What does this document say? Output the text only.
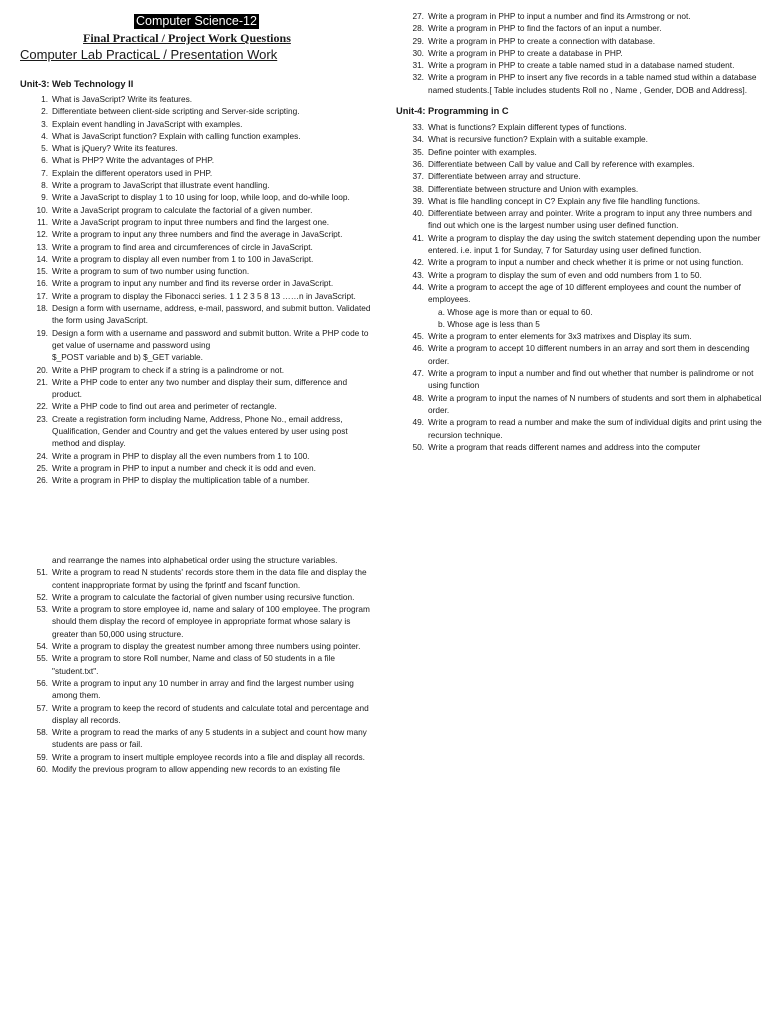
Computer Science-12
Final Practical / Project Work Questions
Computer Lab PracticaL / Presentation Work
Unit-3: Web Technology II
1. What is JavaScript? Write its features.
2. Differentiate between client-side scripting and Server-side scripting.
3. Explain event handling in JavaScript with examples.
4. What is JavaScript function? Explain with calling function examples.
5. What is jQuery? Write its features.
6. What is PHP? Write the advantages of PHP.
7. Explain the different operators used in PHP.
8. Write a program to JavaScript that illustrate event handling.
9. Write a JavaScript to display 1 to 10 using for loop, while loop, and do-while loop.
10. Write a JavaScript program to calculate the factorial of a given number.
11. Write a JavaScript program to input three numbers and find the largest one.
12. Write a program to input any three numbers and find the average in JavaScript.
13. Write a program to find area and circumferences of circle in JavaScript.
14. Write a program to display all even number from 1 to 100 in JavaScript.
15. Write a program to sum of two number using function.
16. Write a program to input any number and find its reverse order in JavaScript.
17. Write a program to display the Fibonacci series. 1 1 2 3 5 8 13 ……n in JavaScript.
18. Design a form with username, address, e-mail, password, and submit button. Validated the form using JavaScript.
19. Design a form with a username and password and submit button. Write a PHP code to get value of username and password using
$_POST variable and b) $_GET variable.
20. Write a PHP program to check if a string is a palindrome or not.
21. Write a PHP code to enter any two number and display their sum, difference and product.
22. Write a PHP code to find out area and perimeter of rectangle.
23. Create a registration form including Name, Address, Phone No., email address, Qualification, Gender and Country and get the values entered by user using post method and display.
24. Write a program in PHP to display all the even numbers from 1 to 100.
25. Write a program in PHP to input a number and check it is odd and even.
26. Write a program in PHP to display the multiplication table of a number.
27. Write a program in PHP to input a number and find its Armstrong or not.
28. Write a program in PHP to find the factors of an input a number.
29. Write a program in PHP to create a connection with database.
30. Write a program in PHP to create a database in PHP.
31. Write a program in PHP to create a table named stud in a database named student.
32. Write a program in PHP to insert any five records in a table named stud within a database named students.[ Table includes students Roll no , Name , Gender, DOB and Address].
Unit-4: Programming in C
33. What is functions? Explain different types of functions.
34. What is recursive function? Explain with a suitable example.
35. Define pointer with examples.
36. Differentiate between Call by value and Call by reference with examples.
37. Differentiate between array and structure.
38. Differentiate between structure and Union with examples.
39. What is file handling concept in C? Explain any five file handling functions.
40. Differentiate between array and pointer. Write a program to input any three numbers and find out which one is the largest number using user defined function.
41. Write a program to display the day using the switch statement depending upon the number entered. i.e. input 1 for Sunday, 7 for Saturday using user defined function.
42. Write a program to input a number and check whether it is prime or not using function.
43. Write a program to display the sum of even and odd numbers from 1 to 50.
44. Write a program to accept the age of 10 different employees and count the number of employees.
a. Whose age is more than or equal to 60.
b. Whose age is less than 5
45. Write a program to enter elements for 3x3 matrixes and Display its sum.
46. Write a program to accept 10 different numbers in an array and sort them in descending order.
47. Write a program to input a number and find out whether that number is palindrome or not using function
48. Write a program to input the names of N numbers of students and sort them in alphabetical order.
49. Write a program to read a number and make the sum of individual digits and print using the recursion technique.
50. Write a program that reads different names and address into the computer
and rearrange the names into alphabetical order using the structure variables.
51. Write a program to read N students' records store them in the data file and display the content inappropriate format by using the fprintf and fscanf function.
52. Write a program to calculate the factorial of given number using recursive function.
53. Write a program to store employee id, name and salary of 100 employee. The program should them display the record of employee in appropriate format whose salary is greater than 50,000 using structure.
54. Write a program to display the greatest number among three numbers using pointer.
55. Write a program to store Roll number, Name and class of 50 students in a file "student.txt".
56. Write a program to input any 10 number in array and find the largest number using among them.
57. Write a program to keep the record of students and calculate total and percentage and display all records.
58. Write a program to read the marks of any 5 students in a subject and count how many students are pass or fail.
59. Write a program to insert multiple employee records into a file and display all records.
60. Modify the previous program to allow appending new records to an existing file
